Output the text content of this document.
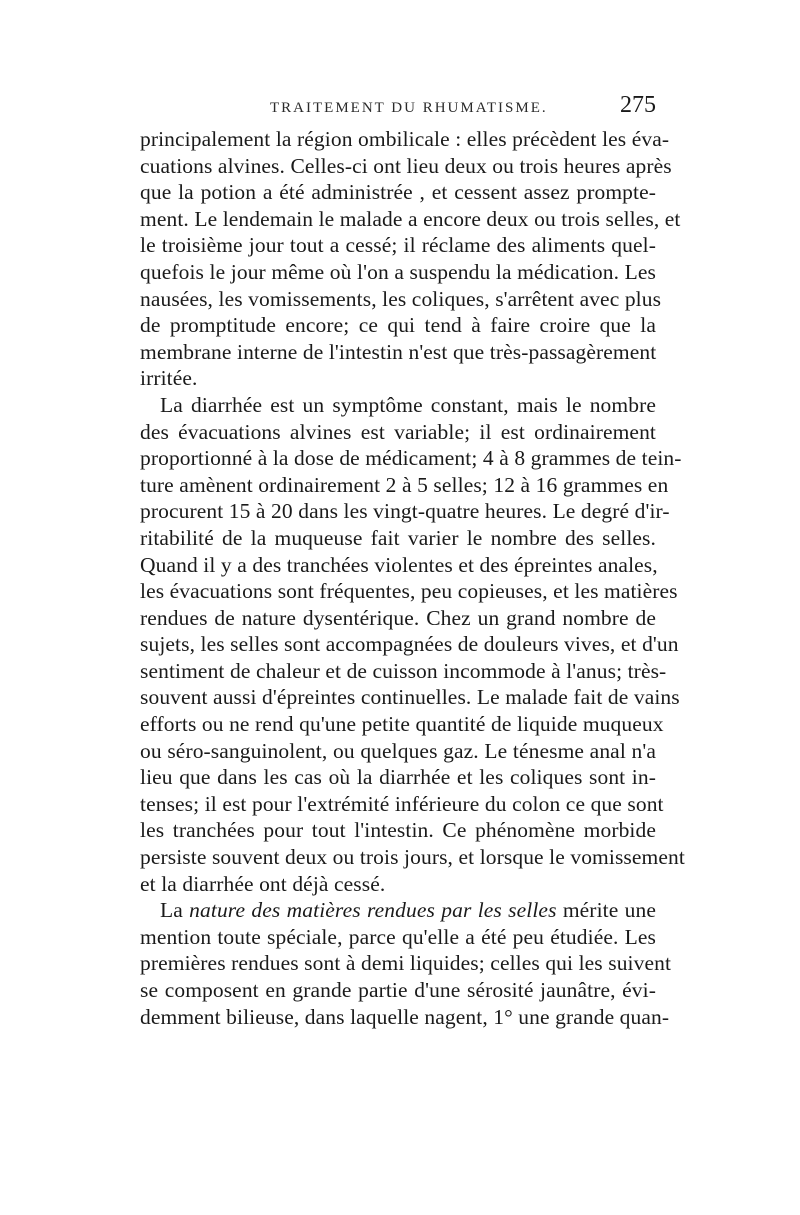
TRAITEMENT DU RHUMATISME.	275
principalement la région ombilicale : elles précèdent les éva-
cuations alvines. Celles-ci ont lieu deux ou trois heures après
que la potion a été administrée , et cessent assez prompte-
ment. Le lendemain le malade a encore deux ou trois selles, et
le troisième jour tout a cessé; il réclame des aliments quel-
quefois le jour même où l'on a suspendu la médication. Les
nausées, les vomissements, les coliques, s'arrêtent avec plus
de promptitude encore; ce qui tend à faire croire que la
membrane interne de l'intestin n'est que très-passagèrement
irritée.
La diarrhée est un symptôme constant, mais le nombre
des évacuations alvines est variable; il est ordinairement
proportionné à la dose de médicament; 4 à 8 grammes de tein-
ture amènent ordinairement 2 à 5 selles; 12 à 16 grammes en
procurent 15 à 20 dans les vingt-quatre heures. Le degré d'ir-
ritabilité de la muqueuse fait varier le nombre des selles.
Quand il y a des tranchées violentes et des épreintes anales,
les évacuations sont fréquentes, peu copieuses, et les matières
rendues de nature dysentérique. Chez un grand nombre de
sujets, les selles sont accompagnées de douleurs vives, et d'un
sentiment de chaleur et de cuisson incommode à l'anus; très-
souvent aussi d'épreintes continuelles. Le malade fait de vains
efforts ou ne rend qu'une petite quantité de liquide muqueux
ou séro-sanguinolent, ou quelques gaz. Le ténesme anal n'a
lieu que dans les cas où la diarrhée et les coliques sont in-
tenses; il est pour l'extrémité inférieure du colon ce que sont
les tranchées pour tout l'intestin. Ce phénomène morbide
persiste souvent deux ou trois jours, et lorsque le vomissement
et la diarrhée ont déjà cessé.
La nature des matières rendues par les selles mérite une
mention toute spéciale, parce qu'elle a été peu étudiée. Les
premières rendues sont à demi liquides; celles qui les suivent
se composent en grande partie d'une sérosité jaunâtre, évi-
demment bilieuse, dans laquelle nagent, 1° une grande quan-
